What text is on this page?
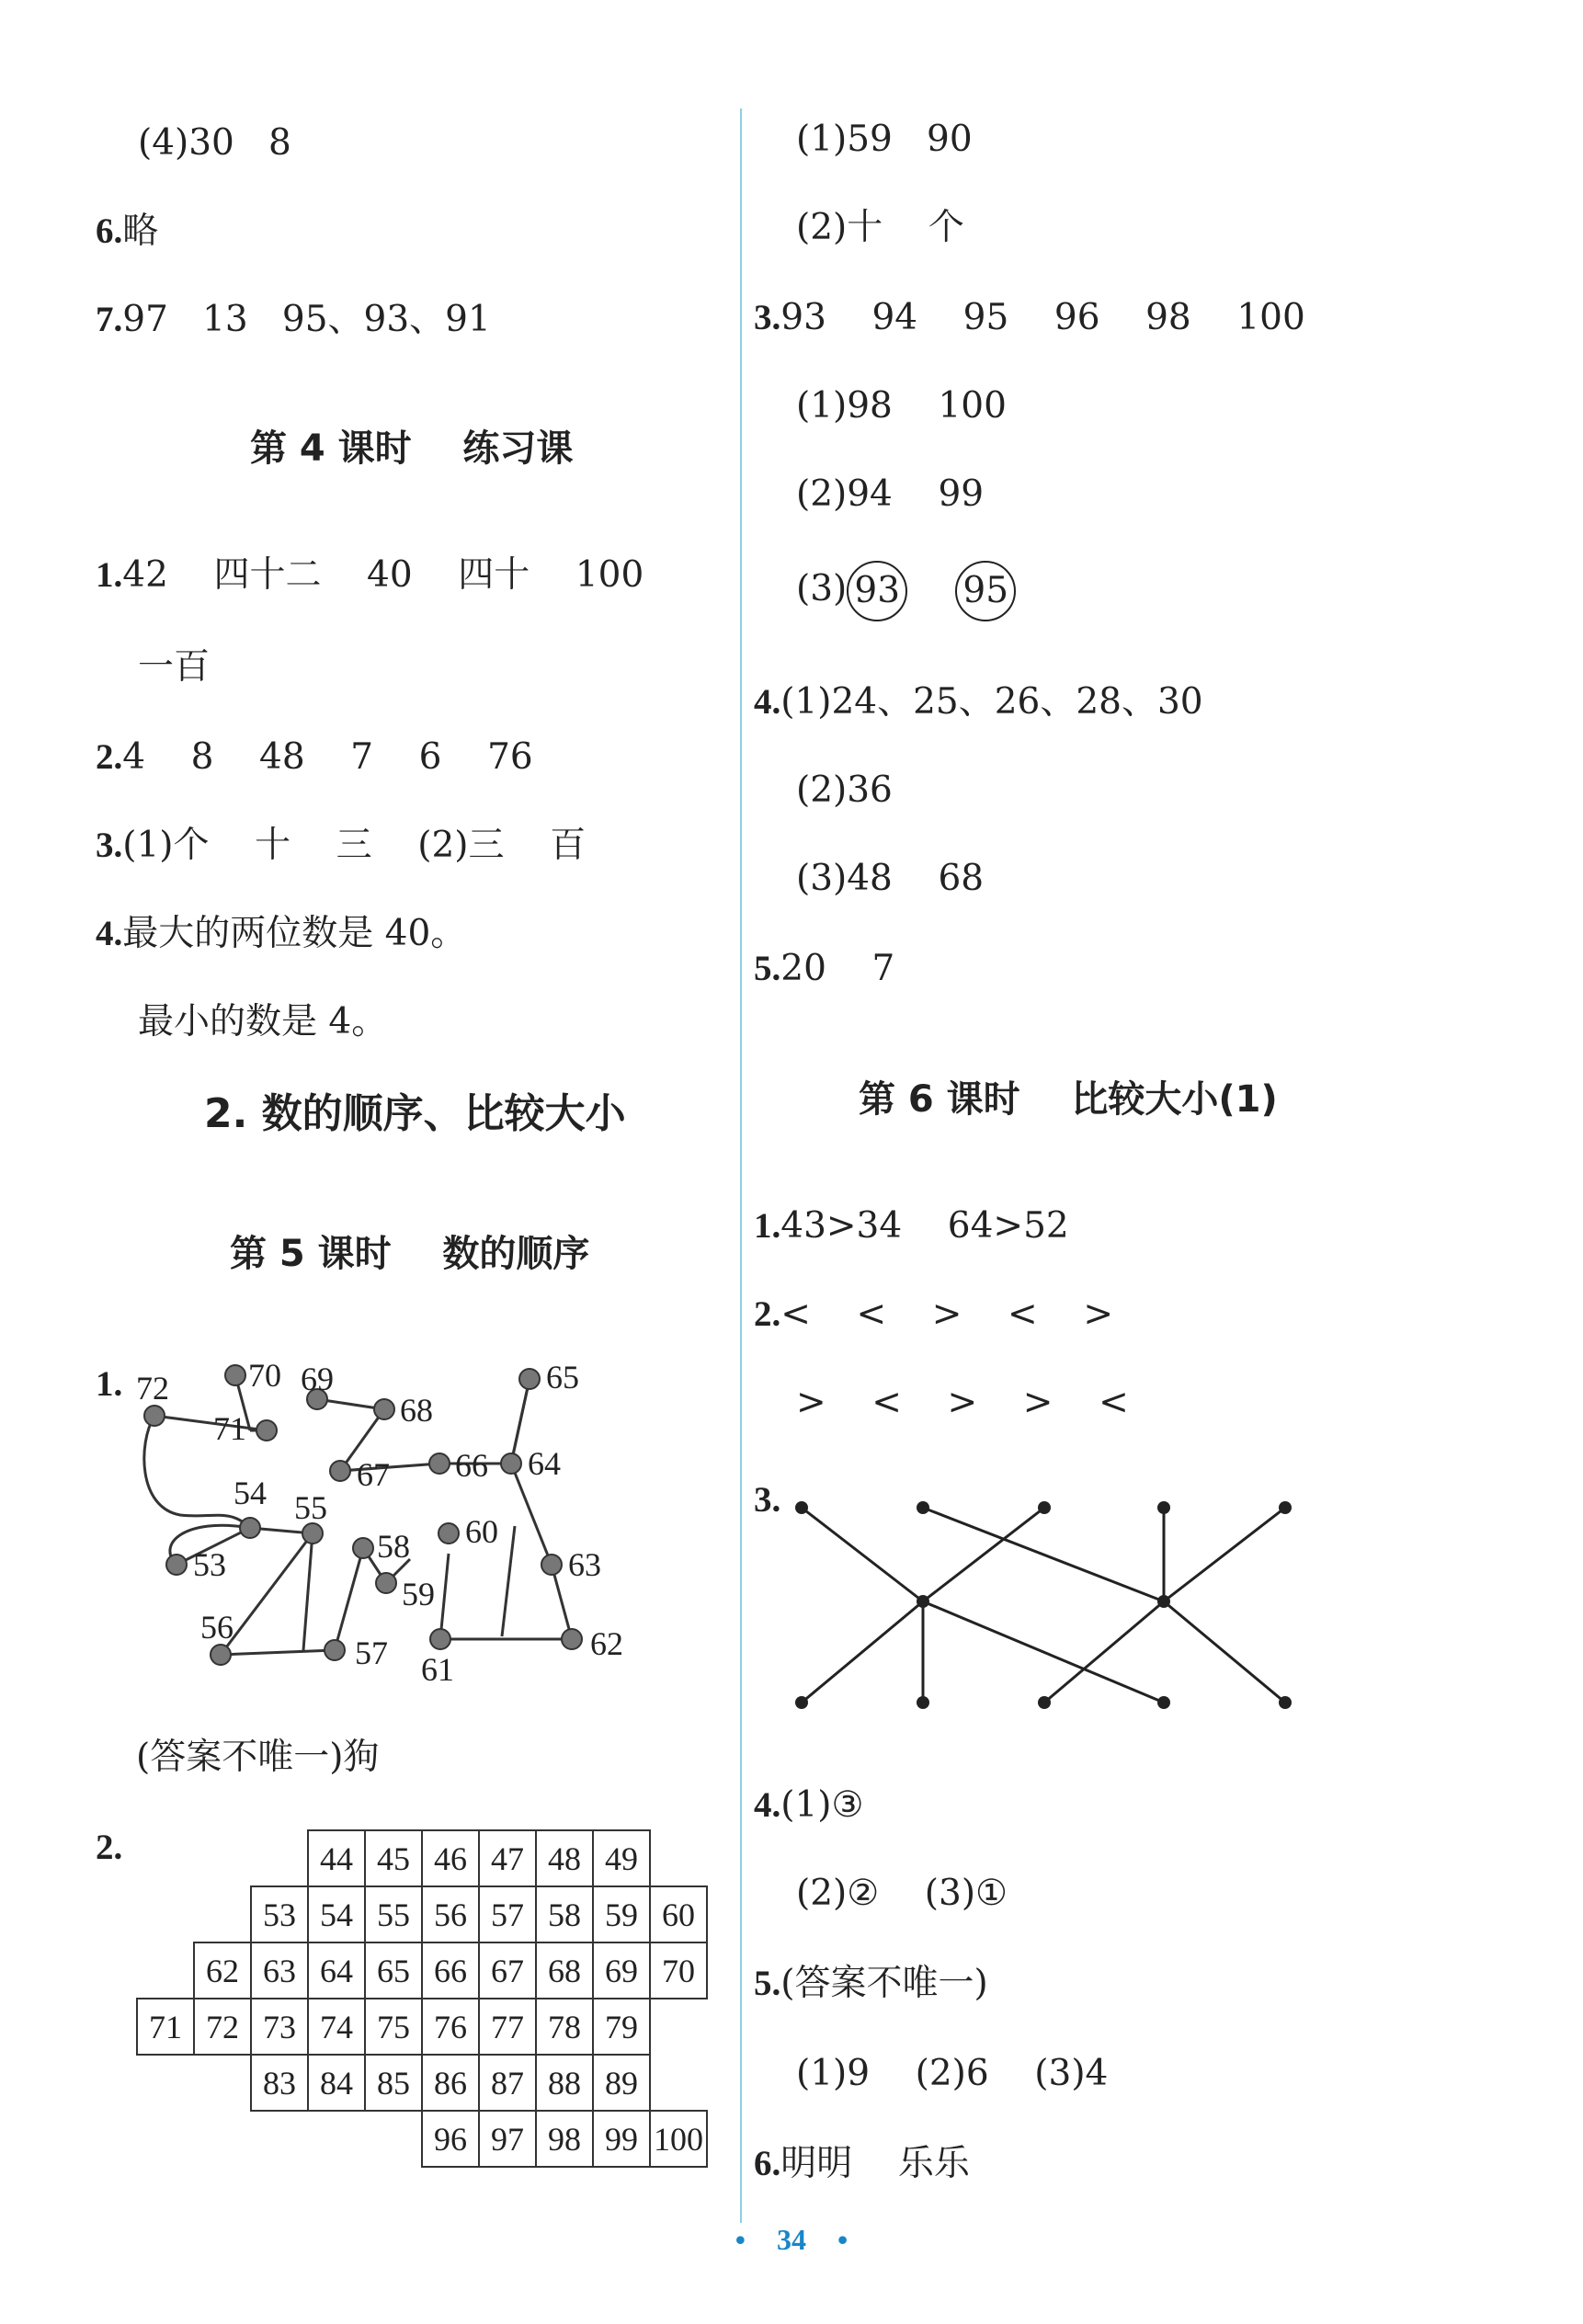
(4)30   8
6.略
7.97   13   95、93、91
第 4 课时    练习课
1.42    四十二    40    四十    100
一百
2.4    8    48    7    6    76
3.(1)个    十    三    (2)三    百
4.最大的两位数是 40。
最小的数是 4。
2. 数的顺序、比较大小
第 5 课时    数的顺序
1. 72 70 69
71	68
65
67 66 64
54 55
53	58 60
63
59
56
57 61
62
(答案不唯一)狗
2.
				44	45	46	47	48	49	
		53	54	55	56	57	58	59	60
	62	63	64	65	66	67	68	69	70
71	72	73	74	75	76	77	78	79	
		83	84	85	86	87	88	89	
					96	97	98	99	100
(1)59   90
(2)十    个
3.93    94    95    96    98    100
(1)98    100
(2)94    99
(3) 93 95
4.(1)24、25、26、28、30
(2)36
(3)48    68
5.20    7
第 6 课时    比较大小(1)
1.43>34    64>52
2.<    <    >    <    >
>    <    >    >    <
3.
4.(1)③
(2)②    (3)①
5.(答案不唯一)
(1)9    (2)6    (3)4
6.明明    乐乐
• 34 •
